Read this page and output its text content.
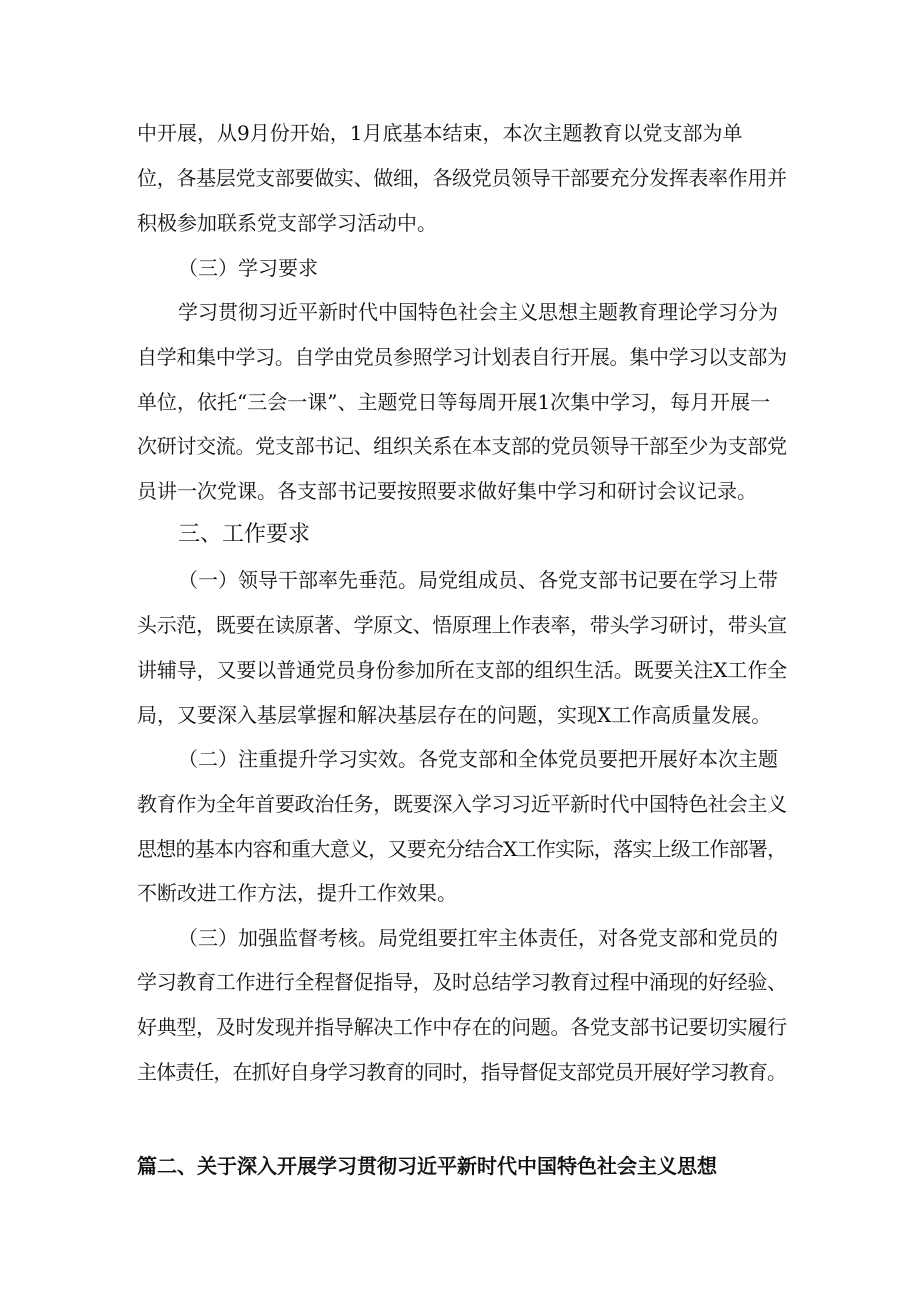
中开展，从9月份开始，1月底基本结束，本次主题教育以党支部为单
位，各基层党支部要做实、做细，各级党员领导干部要充分发挥表率作用并
积极参加联系党支部学习活动中。
（三）学习要求
学习贯彻习近平新时代中国特色社会主义思想主题教育理论学习分为
自学和集中学习。自学由党员参照学习计划表自行开展。集中学习以支部为
单位，依托“三会一课”、主题党日等每周开展1次集中学习，每月开展一
次研讨交流。党支部书记、组织关系在本支部的党员领导干部至少为支部党
员讲一次党课。各支部书记要按照要求做好集中学习和研讨会议记录。
三、工作要求
（一）领导干部率先垂范。局党组成员、各党支部书记要在学习上带
头示范，既要在读原著、学原文、悟原理上作表率，带头学习研讨，带头宣
讲辅导，又要以普通党员身份参加所在支部的组织生活。既要关注X工作全
局，又要深入基层掌握和解决基层存在的问题，实现X工作高质量发展。
（二）注重提升学习实效。各党支部和全体党员要把开展好本次主题
教育作为全年首要政治任务，既要深入学习习近平新时代中国特色社会主义
思想的基本内容和重大意义，又要充分结合X工作实际，落实上级工作部署，
不断改进工作方法，提升工作效果。
（三）加强监督考核。局党组要扛牢主体责任，对各党支部和党员的
学习教育工作进行全程督促指导，及时总结学习教育过程中涌现的好经验、
好典型，及时发现并指导解决工作中存在的问题。各党支部书记要切实履行
主体责任，在抓好自身学习教育的同时，指导督促支部党员开展好学习教育。
篇二、关于深入开展学习贯彻习近平新时代中国特色社会主义思想
